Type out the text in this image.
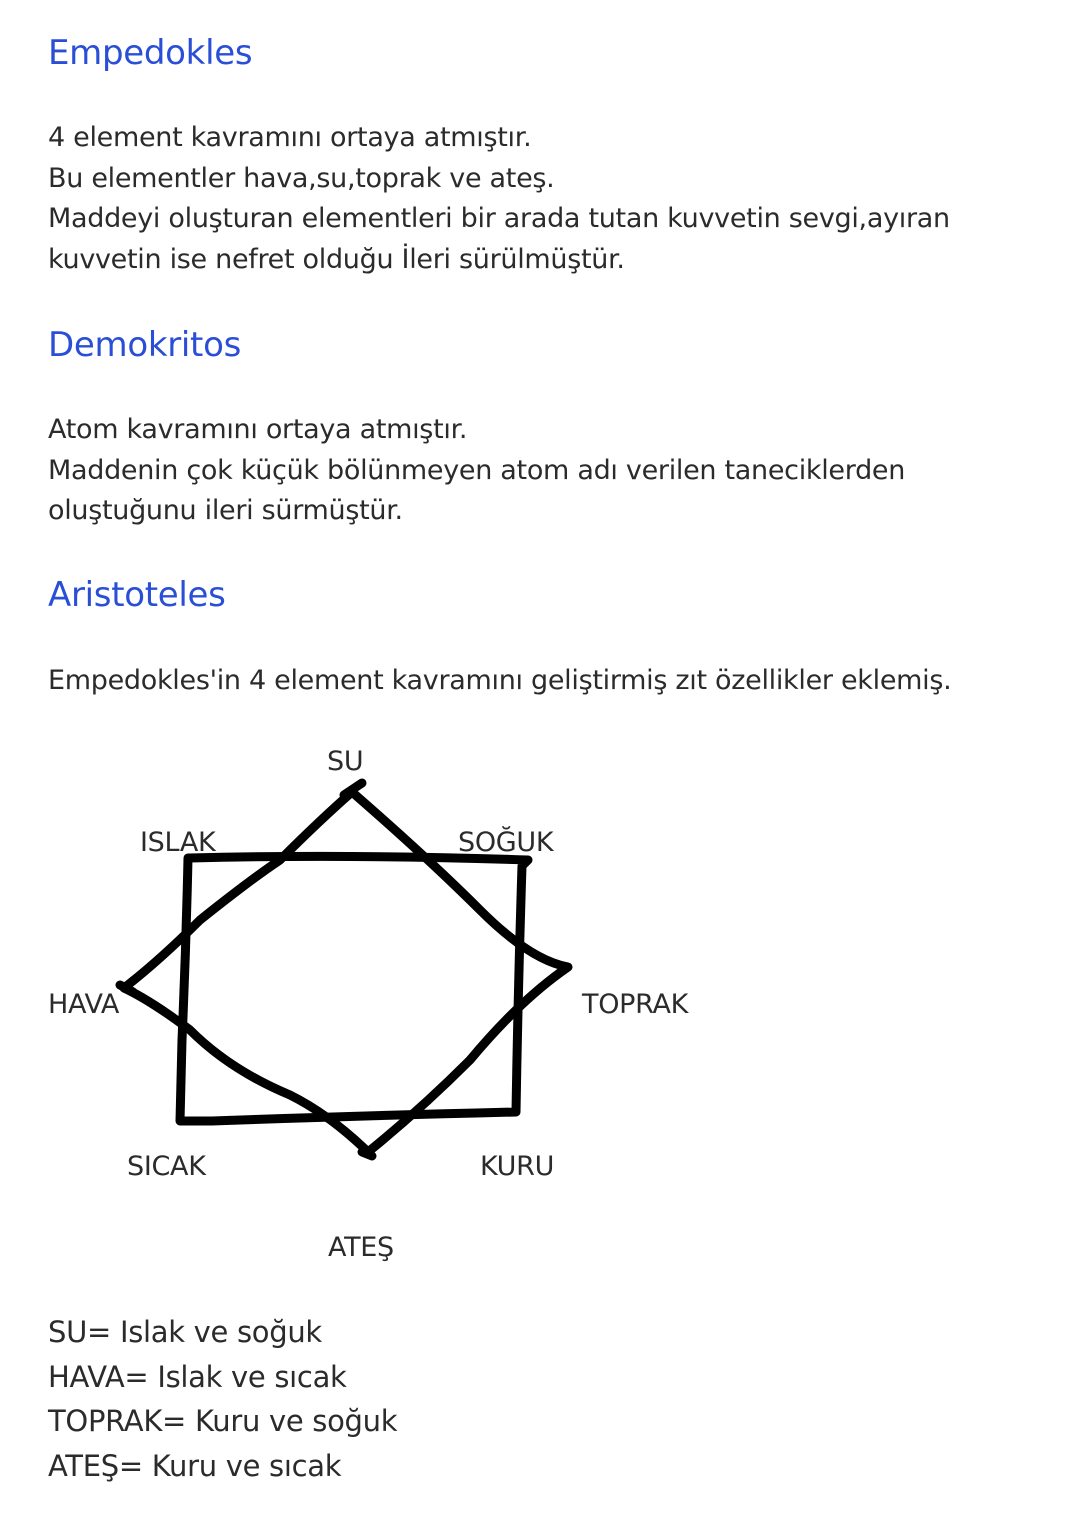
Empedokles
4 element kavramını ortaya atmıştır.
Bu elementler hava,su,toprak ve ateş.
Maddeyi oluşturan elementleri bir arada tutan kuvvetin sevgi,ayıran
kuvvetin ise nefret olduğu İleri sürülmüştür.
Demokritos
Atom kavramını ortaya atmıştır.
Maddenin çok küçük bölünmeyen atom adı verilen taneciklerden
oluştuğunu ileri sürmüştür.
Aristoteles
Empedokles'in 4 element kavramını geliştirmiş zıt özellikler eklemiş.
SU
ISLAK	SOĞUK
HAVA	TOPRAK
SICAK	KURU
ATEŞ
SU= Islak ve soğuk
HAVA= Islak ve sıcak
TOPRAK= Kuru ve soğuk
ATEŞ= Kuru ve sıcak
